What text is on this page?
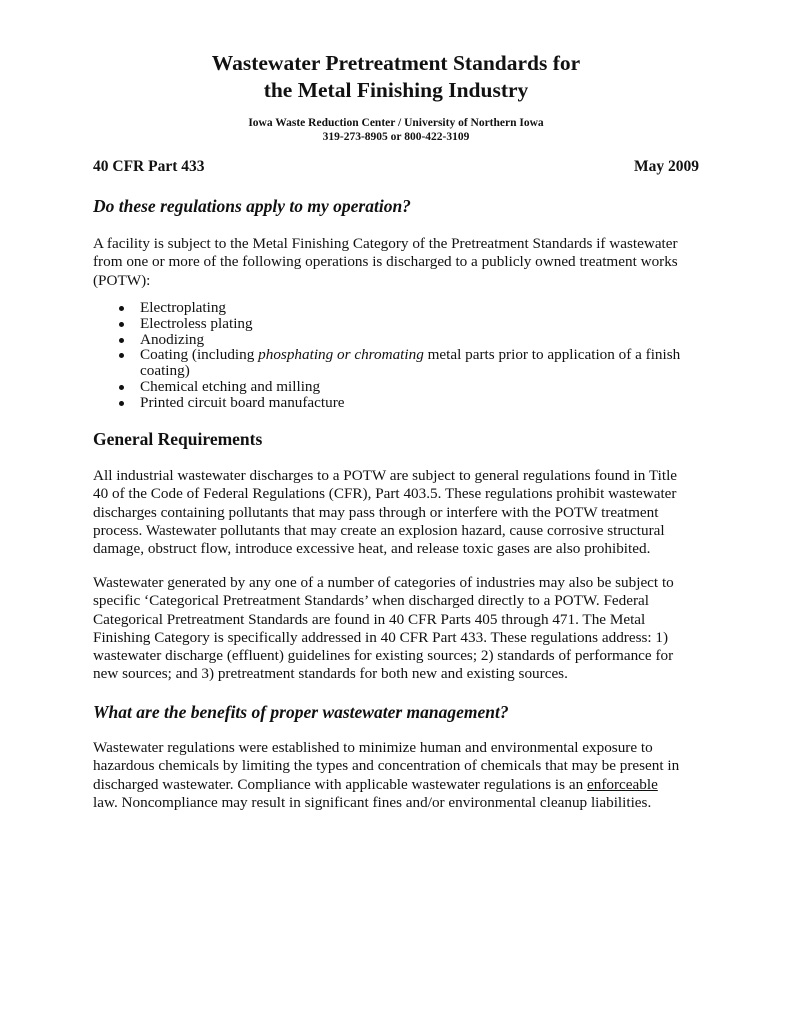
Wastewater Pretreatment Standards for
the Metal Finishing Industry
Iowa Waste Reduction Center / University of Northern Iowa
319-273-8905 or 800-422-3109
40 CFR Part 433	May 2009
Do these regulations apply to my operation?
A facility is subject to the Metal Finishing Category of the Pretreatment Standards if wastewater
from one or more of the following operations is discharged to a publicly owned treatment works
(POTW):
Electroplating
Electroless plating
Anodizing
Coating (including phosphating or chromating metal parts prior to application of a finish
coating)
Chemical etching and milling
Printed circuit board manufacture
General Requirements
All industrial wastewater discharges to a POTW are subject to general regulations found in Title
40 of the Code of Federal Regulations (CFR), Part 403.5. These regulations prohibit wastewater
discharges containing pollutants that may pass through or interfere with the POTW treatment
process. Wastewater pollutants that may create an explosion hazard, cause corrosive structural
damage, obstruct flow, introduce excessive heat, and release toxic gases are also prohibited.
Wastewater generated by any one of a number of categories of industries may also be subject to
specific ‘Categorical Pretreatment Standards’ when discharged directly to a POTW. Federal
Categorical Pretreatment Standards are found in 40 CFR Parts 405 through 471. The Metal
Finishing Category is specifically addressed in 40 CFR Part 433. These regulations address: 1)
wastewater discharge (effluent) guidelines for existing sources; 2) standards of performance for
new sources; and 3) pretreatment standards for both new and existing sources.
What are the benefits of proper wastewater management?
Wastewater regulations were established to minimize human and environmental exposure to
hazardous chemicals by limiting the types and concentration of chemicals that may be present in
discharged wastewater. Compliance with applicable wastewater regulations is an enforceable
law. Noncompliance may result in significant fines and/or environmental cleanup liabilities.
